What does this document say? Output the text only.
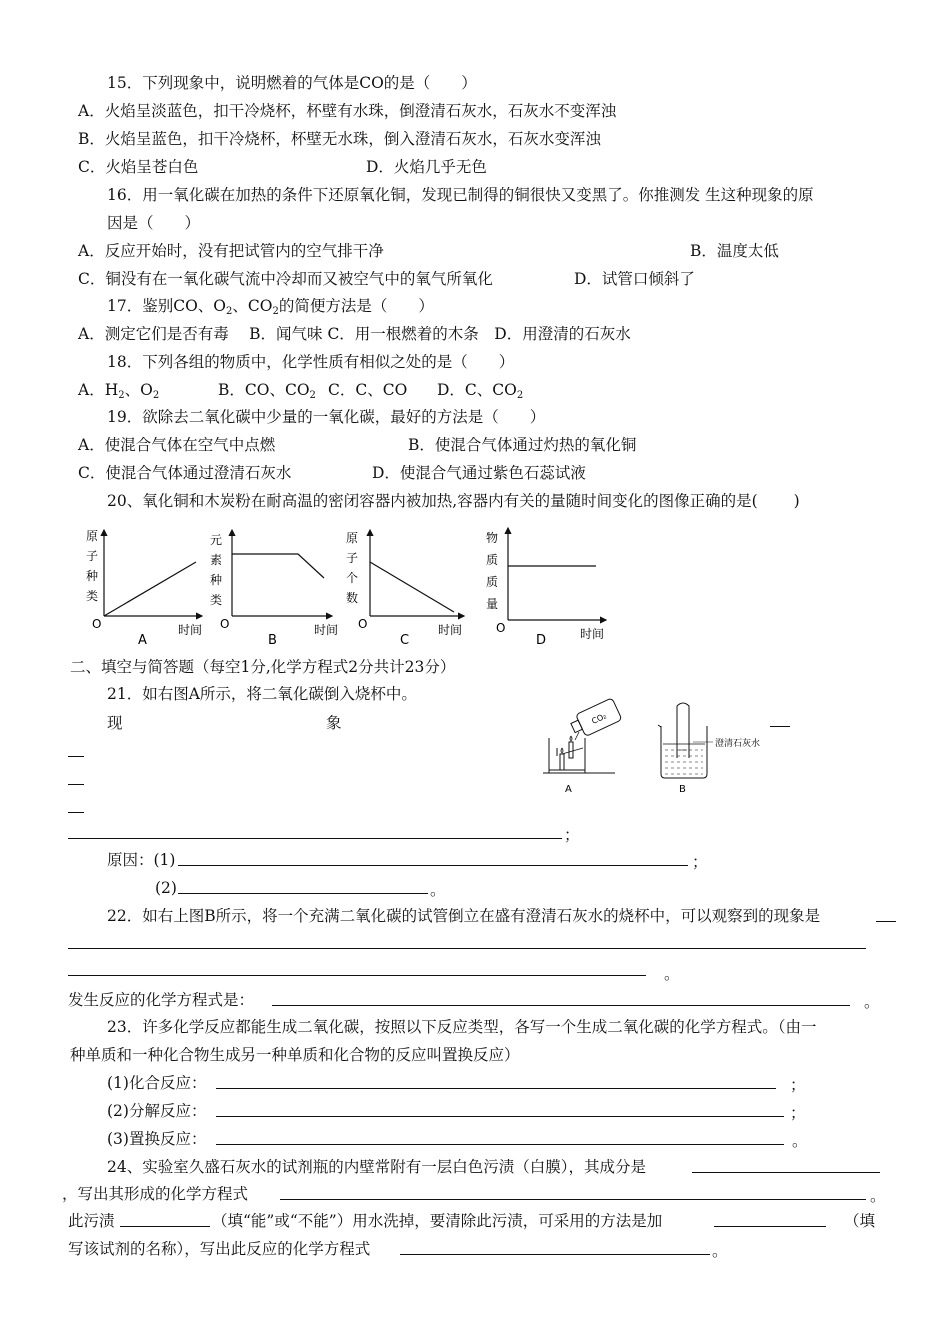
15．下列现象中，说明燃着的气体是CO的是（　　）
A．火焰呈淡蓝色，扣干冷烧杯，杯壁有水珠，倒澄清石灰水，石灰水不变浑浊
B．火焰呈蓝色，扣干冷烧杯，杯壁无水珠，倒入澄清石灰水，石灰水变浑浊
C．火焰呈苍白色	D．火焰几乎无色
16．用一氧化碳在加热的条件下还原氧化铜，发现已制得的铜很快又变黑了。你推测发 生这种现象的原
因是（　　）
A．反应开始时，没有把试管内的空气排干净	B．温度太低
C．铜没有在一氧化碳气流中冷却而又被空气中的氧气所氧化	D．试管口倾斜了
17．鉴别CO、$O_2$、$CO_2$的简便方法是（　　）
A．测定它们是否有毒　 B．闻气味 C．用一根燃着的木条　D．用澄清的石灰水
18．下列各组的物质中，化学性质有相似之处的是（　　）
A．$H_2$、$O_2$	B．CO、$CO_2$ C．C、CO D．C、$CO_2$
19．欲除去二氧化碳中少量的一氧化碳，最好的方法是（　　）
A．使混合气体在空气中点燃	B．使混合气体通过灼热的氧化铜
C．使混合气体通过澄清石灰水	D．使混合气通过紫色石蕊试液
20、氧化铜和木炭粉在耐高温的密闭容器内被加热,容器内有关的量随时间变化的图像正确的是(　　 )
原
子
种
类
O	时间
A
元
素
种
类
O	时间
B
原
子
个
数
O	时间
C
物
质
质
量
O	时间
D
二、填空与简答题（每空1分,化学方程式2分共计23分）
21．如右图A所示，将二氧化碳倒入烧杯中。
现	象
；
原因：(1)	；
(2)	。
CO₂
A
澄清石灰水
B
22．如右上图B所示，将一个充满二氧化碳的试管倒立在盛有澄清石灰水的烧杯中，可以观察到的现象是
。
发生反应的化学方程式是：	。
23．许多化学反应都能生成二氧化碳，按照以下反应类型，各写一个生成二氧化碳的化学方程式。（由一
种单质和一种化合物生成另一种单质和化合物的反应叫置换反应）
(1)化合反应：	；
(2)分解反应：	；
(3)置换反应：	。
24、实验室久盛石灰水的试剂瓶的内壁常附有一层白色污渍（白膜），其成分是
，写出其形成的化学方程式	。
此污渍	（填“能”或“不能”）用水洗掉，要清除此污渍，可采用的方法是加	（填
写该试剂的名称），写出此反应的化学方程式	。
